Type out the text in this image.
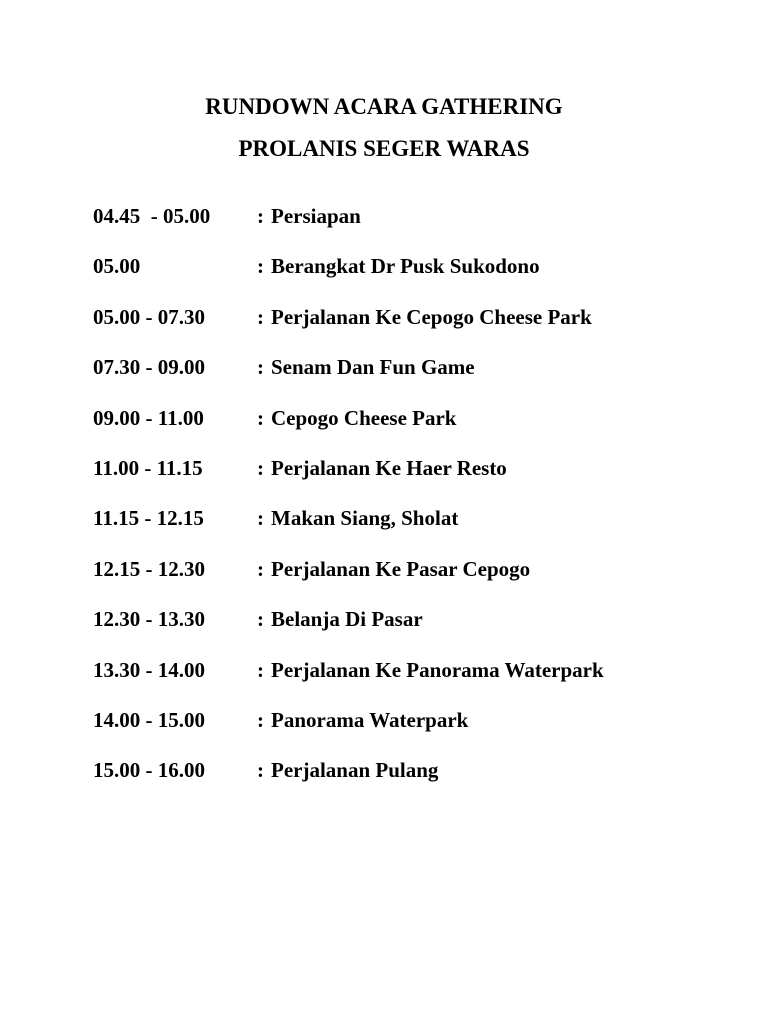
RUNDOWN ACARA GATHERING
PROLANIS SEGER WARAS
04.45  - 05.00	: Persiapan
05.00	: Berangkat Dr Pusk Sukodono
05.00 - 07.30	: Perjalanan Ke Cepogo Cheese Park
07.30 - 09.00	: Senam Dan Fun Game
09.00 - 11.00	: Cepogo Cheese Park
11.00 - 11.15	: Perjalanan Ke Haer Resto
11.15 - 12.15	: Makan Siang, Sholat
12.15 - 12.30	: Perjalanan Ke Pasar Cepogo
12.30 - 13.30	: Belanja Di Pasar
13.30 - 14.00	: Perjalanan Ke Panorama Waterpark
14.00 - 15.00	: Panorama Waterpark
15.00 - 16.00	: Perjalanan Pulang
